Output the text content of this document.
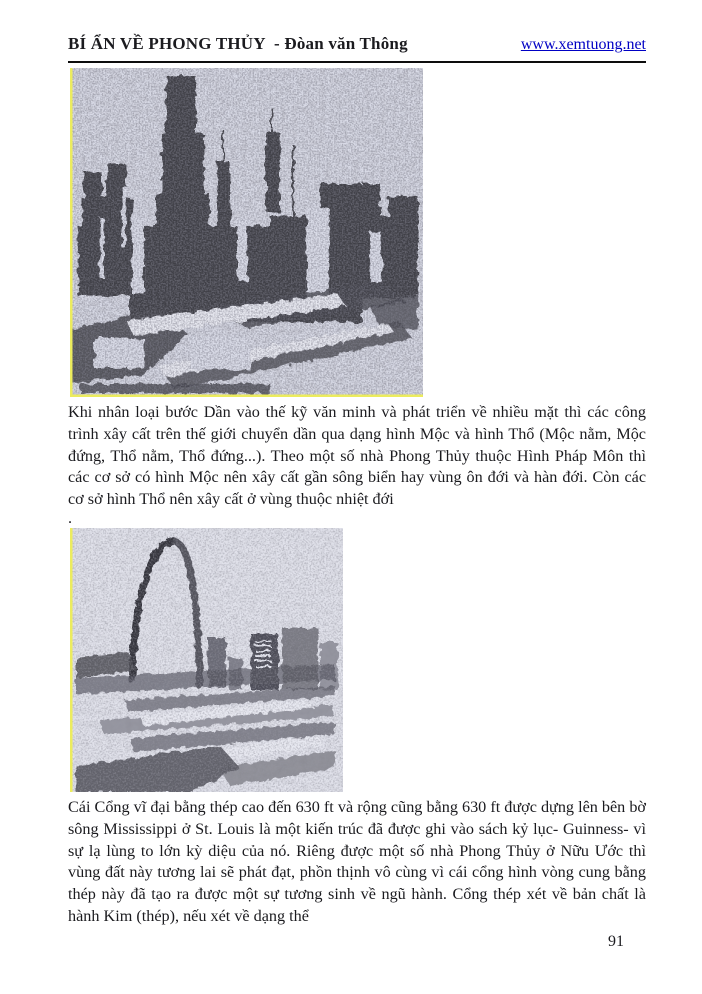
BÍ ẨN VỀ PHONG THỦY  - Đòan văn Thông	www.xemtuong.net

Khi nhân loại bước Dần vào thế kỹ văn minh và phát triển về nhiều mặt thì các công trình xây cất trên thế giới chuyển dần qua dạng hình Mộc và hình Thổ (Mộc nằm, Mộc đứng, Thổ nằm, Thổ đứng...). Theo một số nhà Phong Thủy thuộc Hình Pháp Môn thì các cơ sở có hình Mộc nên xây cất gần sông biển hay vùng ôn đới và hàn đới. Còn các cơ sở hình Thổ nên xây cất ở vùng thuộc nhiệt đới

.

Cái Cổng vĩ đại bằng thép cao đến 630 ft và rộng cũng bằng 630 ft được dựng lên bên bờ sông Mississippi ở St. Louis là một kiến trúc đã được ghi vào sách kỷ lục- Guinness- vì sự lạ lùng to lớn kỳ diệu của nó. Riêng được một số nhà Phong Thủy ở Nữu Ước thì vùng đất này tương lai sẽ phát đạt, phồn thịnh vô cùng vì cái cổng hình vòng cung bằng thép này đã tạo ra được một sự tương sinh về ngũ hành. Cổng thép xét về bản chất là hành Kim (thép), nếu xét về dạng thể

91
